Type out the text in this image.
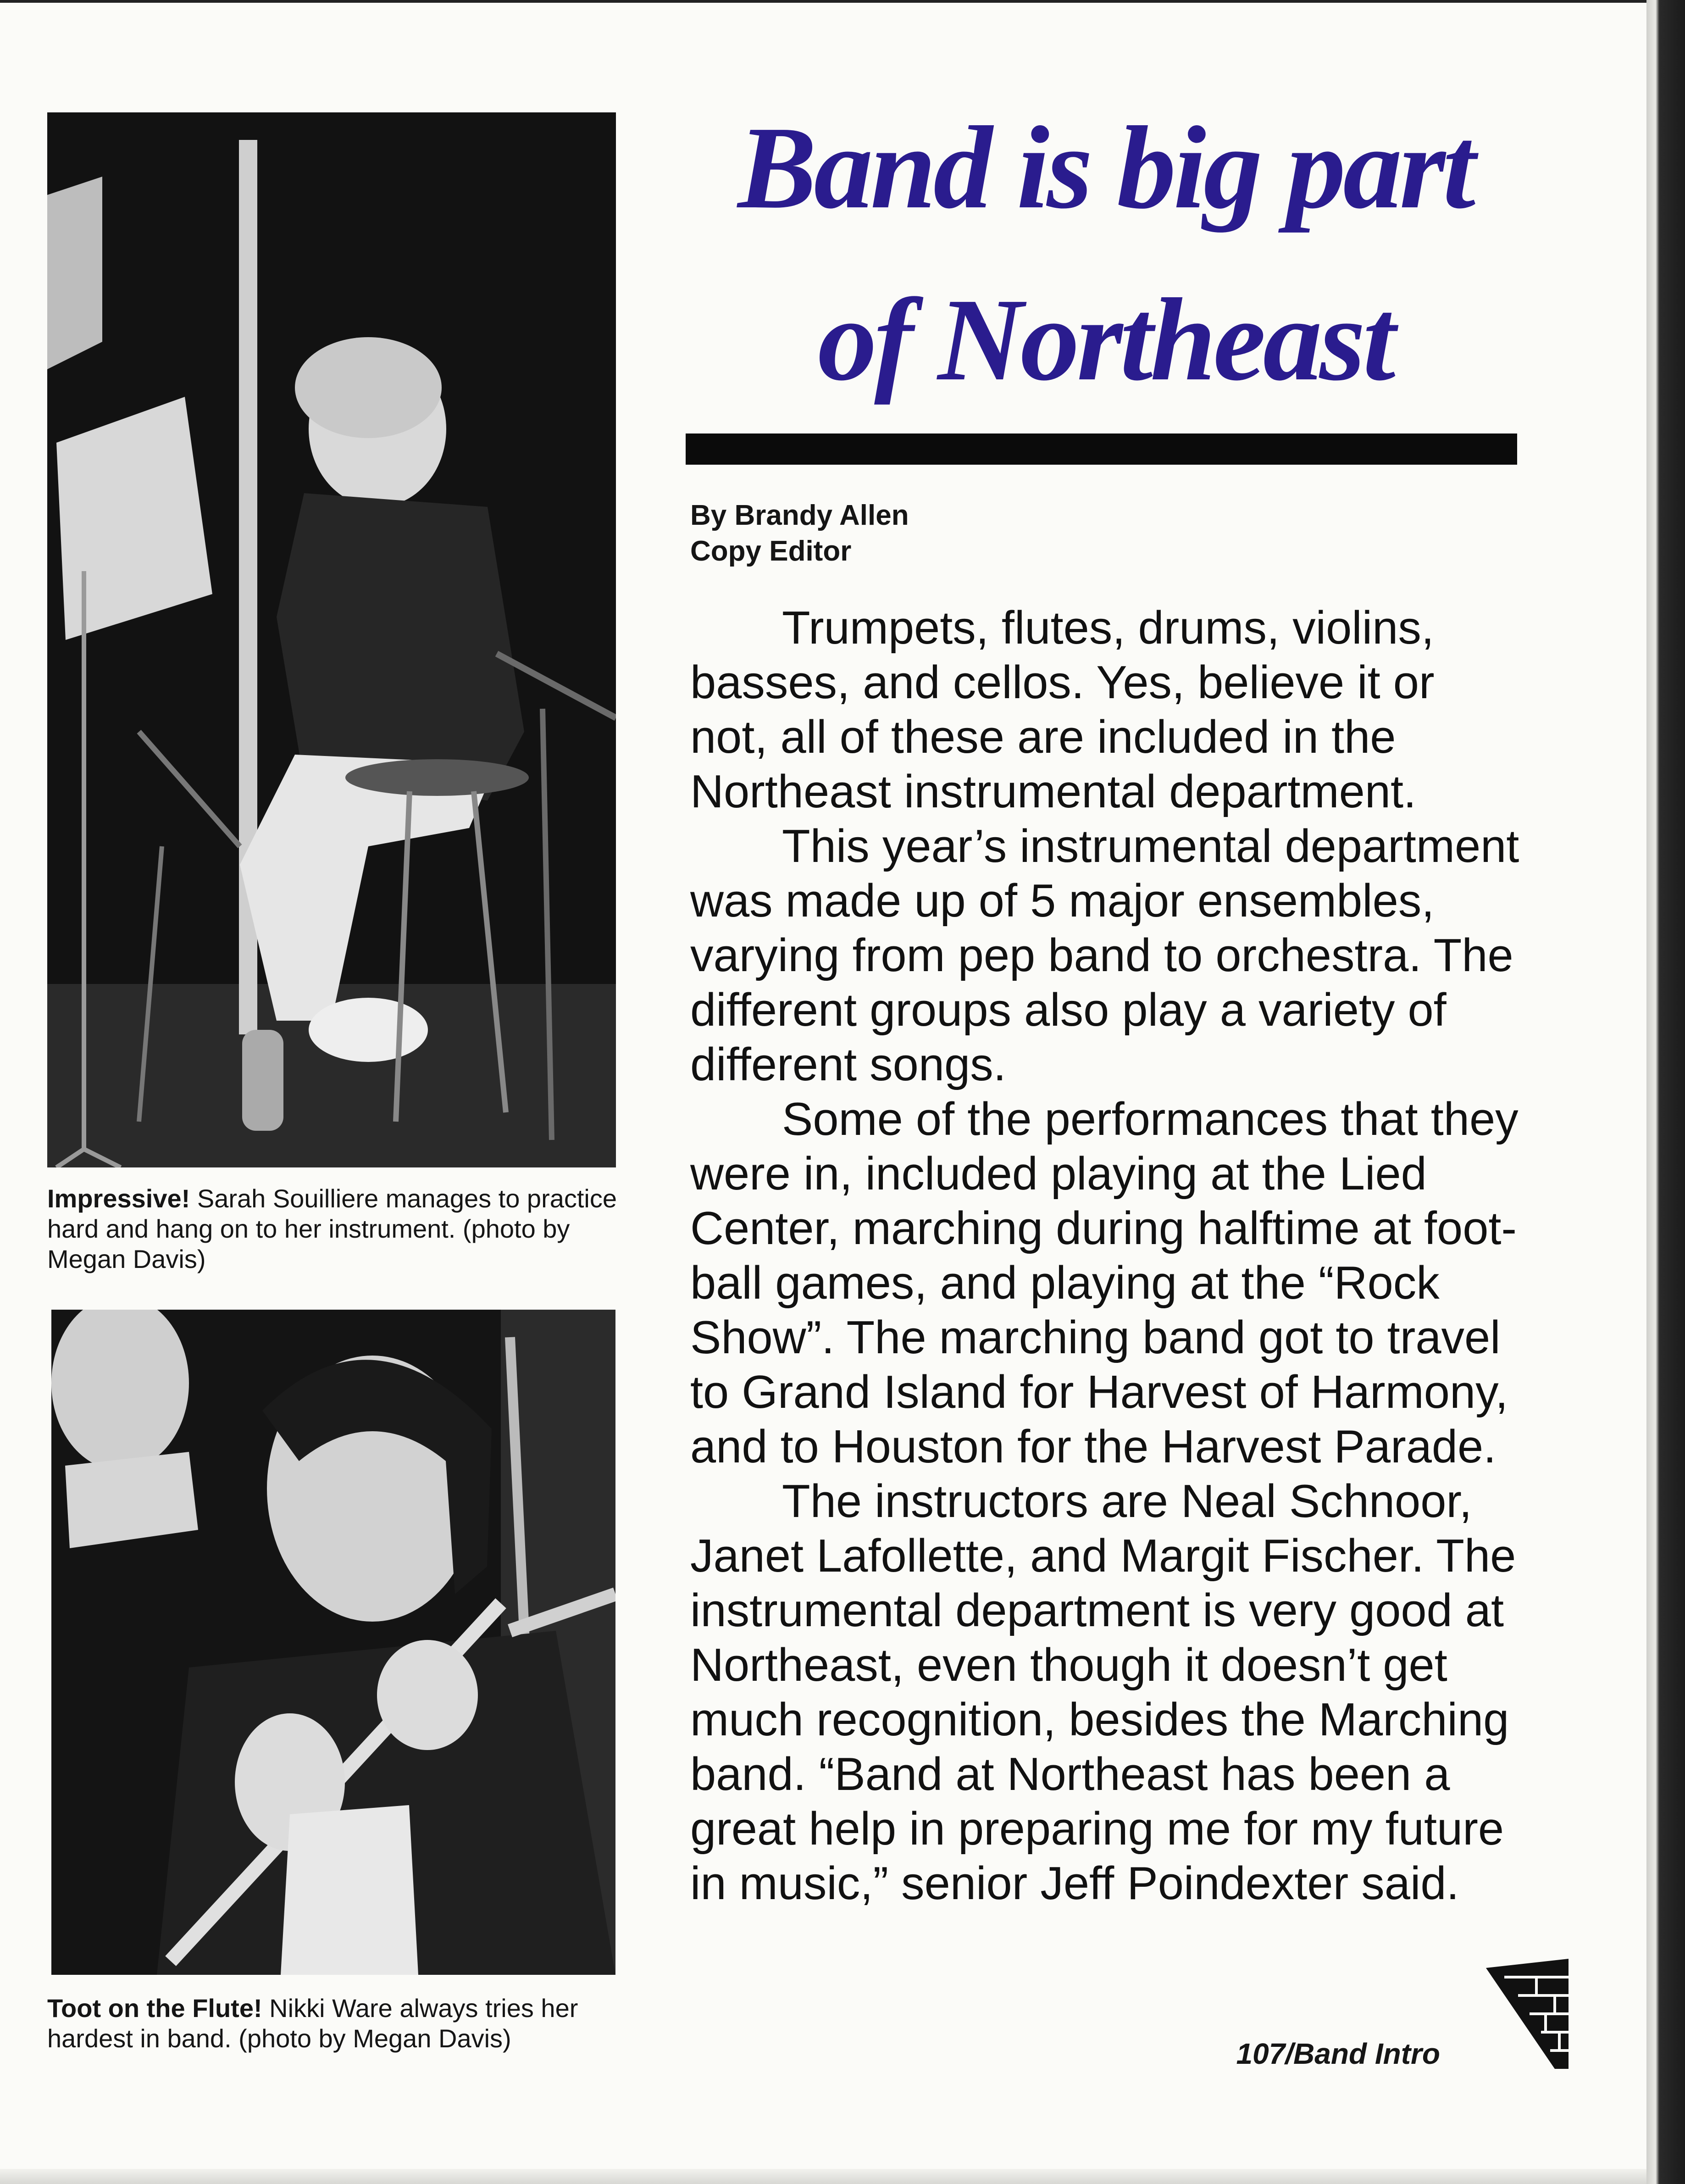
Impressive! Sarah Souilliere manages to practice hard and hang on to her instrument. (photo by Megan Davis)
Toot on the Flute! Nikki Ware always tries her hardest in band. (photo by Megan Davis)
Band is big part
of Northeast
By Brandy Allen
Copy Editor

Trumpets, flutes, drums, violins, basses, and cellos. Yes, believe it or not, all of these are included in the Northeast instrumental department.

This year’s instrumental department was made up of 5 major ensembles, varying from pep band to orchestra. The different groups also play a variety of different songs.

Some of the performances that they were in, included playing at the Lied Center, marching during halftime at foot-ball games, and playing at the “Rock Show”. The marching band got to travel to Grand Island for Harvest of Harmony, and to Houston for the Harvest Parade.

The instructors are Neal Schnoor, Janet Lafollette, and Margit Fischer. The instrumental department is very good at Northeast, even though it doesn’t get much recognition, besides the Marching band. “Band at Northeast has been a great help in preparing me for my future in music,” senior Jeff Poindexter said.

107/Band Intro
